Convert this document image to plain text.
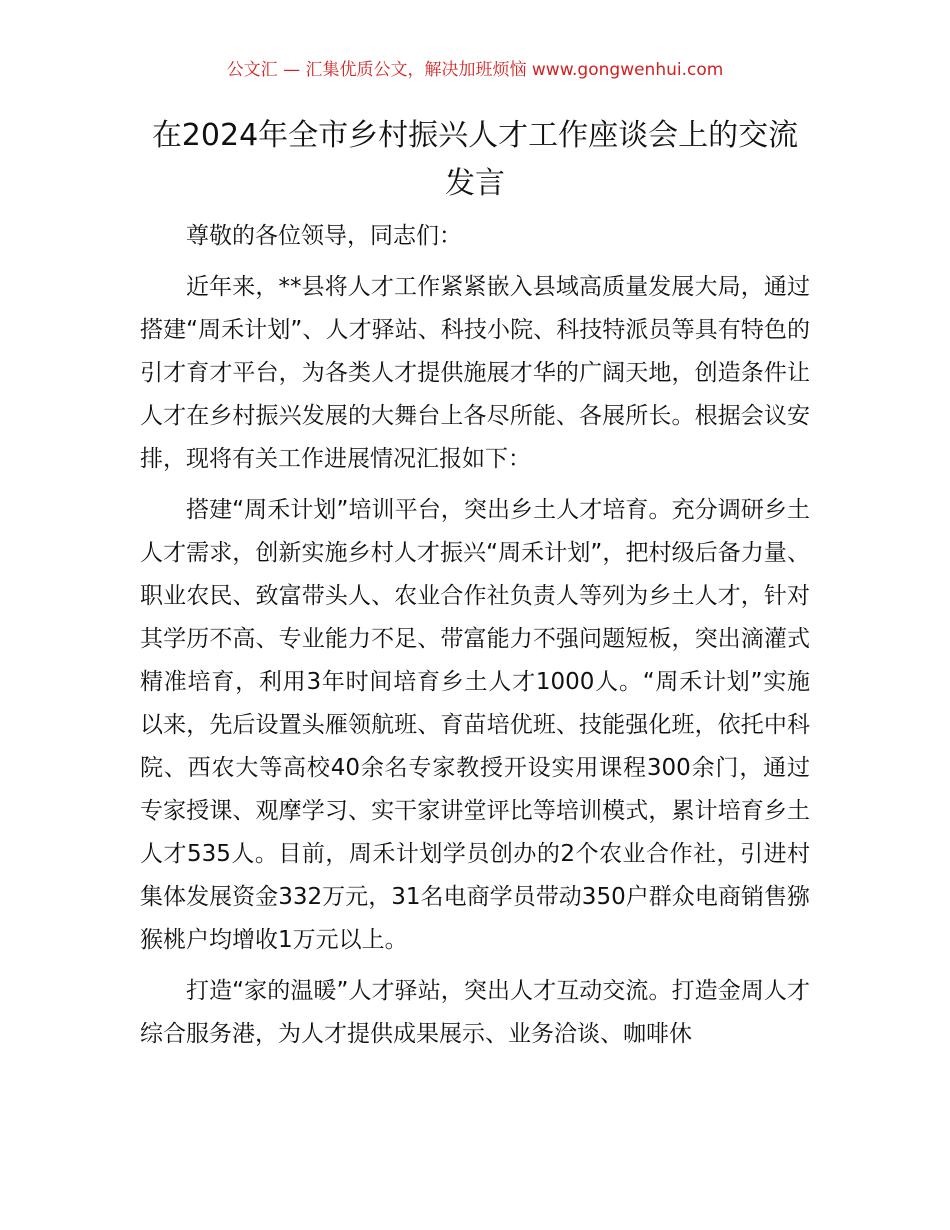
公文汇 — 汇集优质公文，解决加班烦恼 www.gongwenhui.com
在2024年全市乡村振兴人才工作座谈会上的交流发言

尊敬的各位领导，同志们：

近年来，**县将人才工作紧紧嵌入县域高质量发展大局，通过搭建“周禾计划”、人才驿站、科技小院、科技特派员等具有特色的引才育才平台，为各类人才提供施展才华的广阔天地，创造条件让人才在乡村振兴发展的大舞台上各尽所能、各展所长。根据会议安排，现将有关工作进展情况汇报如下：

搭建“周禾计划”培训平台，突出乡土人才培育。充分调研乡土人才需求，创新实施乡村人才振兴“周禾计划”，把村级后备力量、职业农民、致富带头人、农业合作社负责人等列为乡土人才，针对其学历不高、专业能力不足、带富能力不强问题短板，突出滴灌式精准培育，利用3年时间培育乡土人才1000人。“周禾计划”实施以来，先后设置头雁领航班、育苗培优班、技能强化班，依托中科院、西农大等高校40余名专家教授开设实用课程300余门，通过专家授课、观摩学习、实干家讲堂评比等培训模式，累计培育乡土人才535人。目前，周禾计划学员创办的2个农业合作社，引进村集体发展资金332万元，31名电商学员带动350户群众电商销售猕猴桃户均增收1万元以上。

打造“家的温暖”人才驿站，突出人才互动交流。打造金周人才综合服务港，为人才提供成果展示、业务洽谈、咖啡休
